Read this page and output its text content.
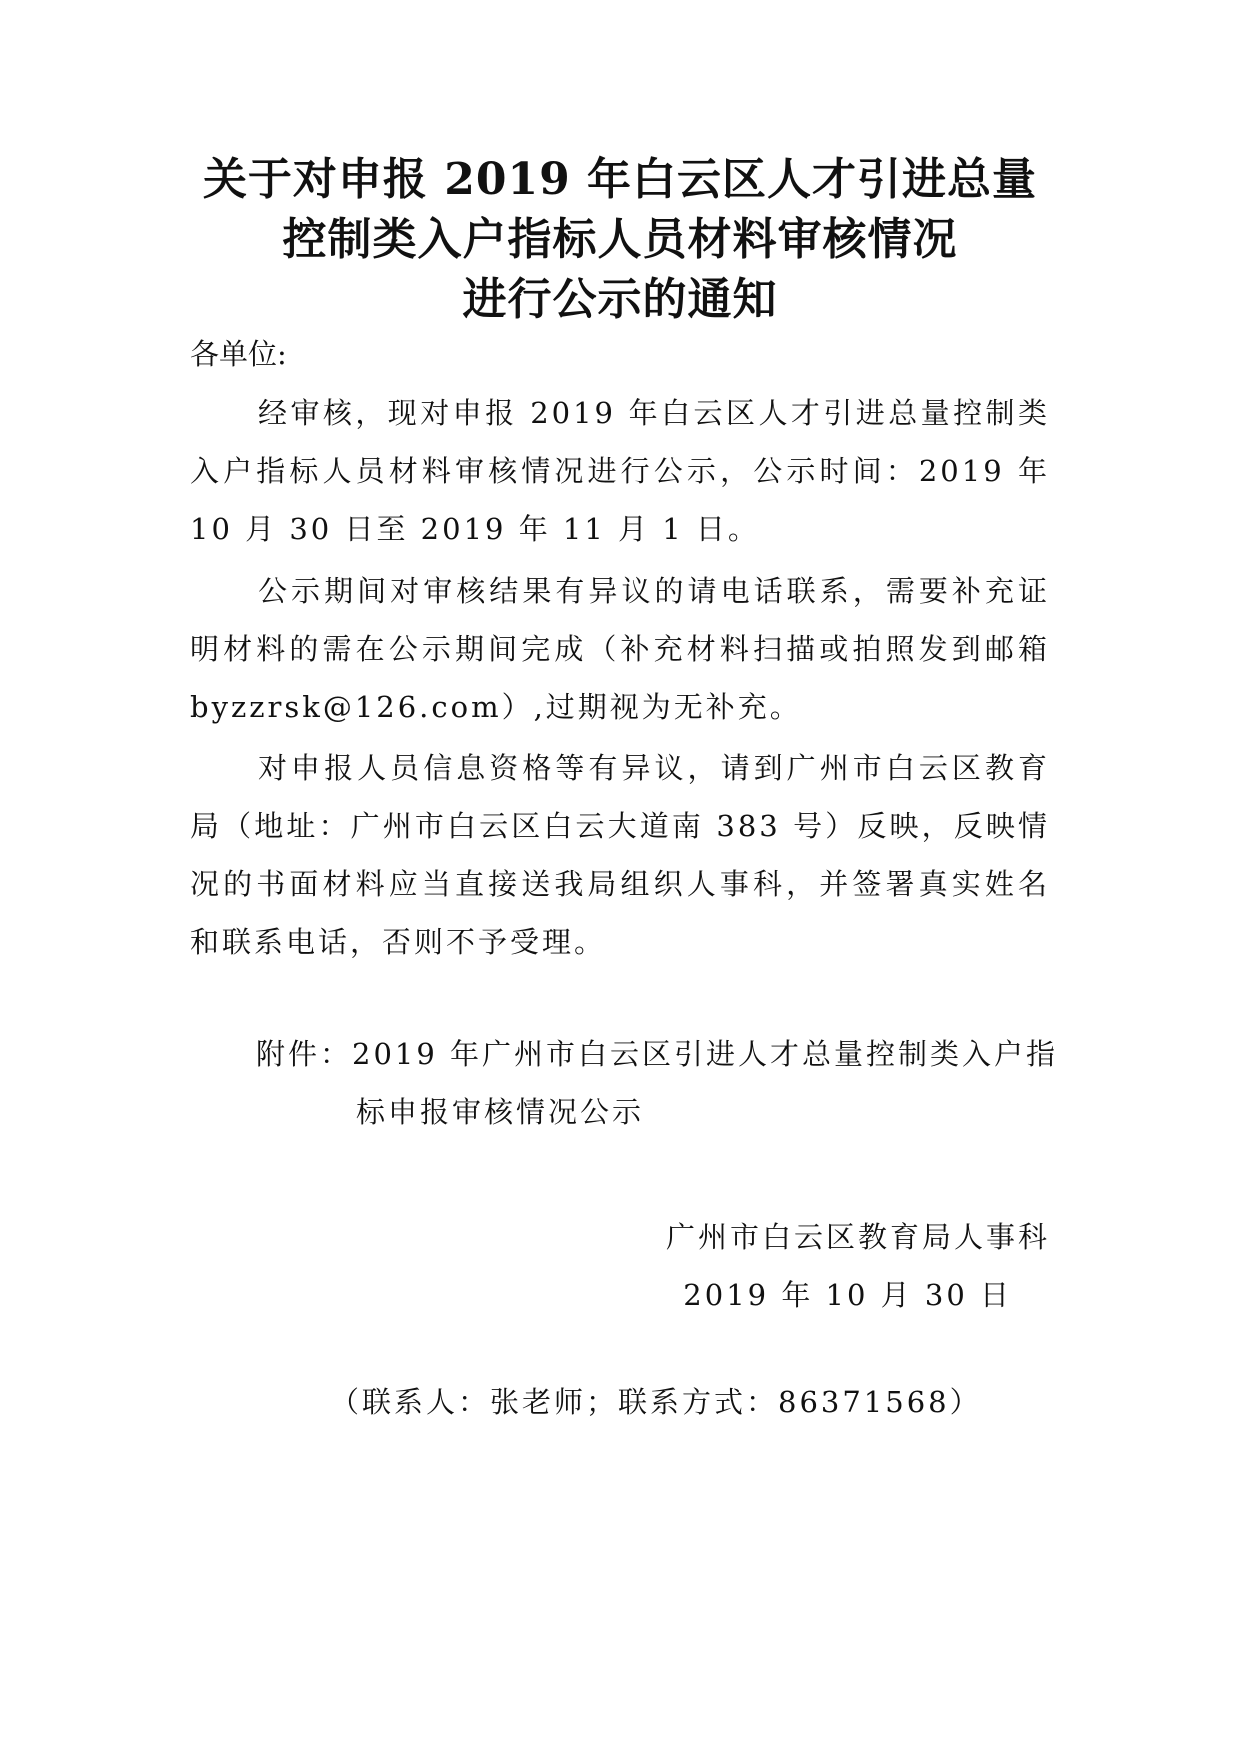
关于对申报 2019 年白云区人才引进总量
控制类入户指标人员材料审核情况
进行公示的通知
各单位:
经审核，现对申报 2019 年白云区人才引进总量控制类入户指标人员材料审核情况进行公示，公示时间：2019 年 10 月 30 日至 2019 年 11 月 1 日。
公示期间对审核结果有异议的请电话联系，需要补充证明材料的需在公示期间完成（补充材料扫描或拍照发到邮箱byzzrsk@126.com）,过期视为无补充。
对申报人员信息资格等有异议，请到广州市白云区教育局（地址：广州市白云区白云大道南 383 号）反映，反映情况的书面材料应当直接送我局组织人事科，并签署真实姓名和联系电话，否则不予受理。
附件：2019 年广州市白云区引进人才总量控制类入户指
标申报审核情况公示
广州市白云区教育局人事科
2019 年 10 月 30 日
（联系人：张老师；联系方式：86371568）
